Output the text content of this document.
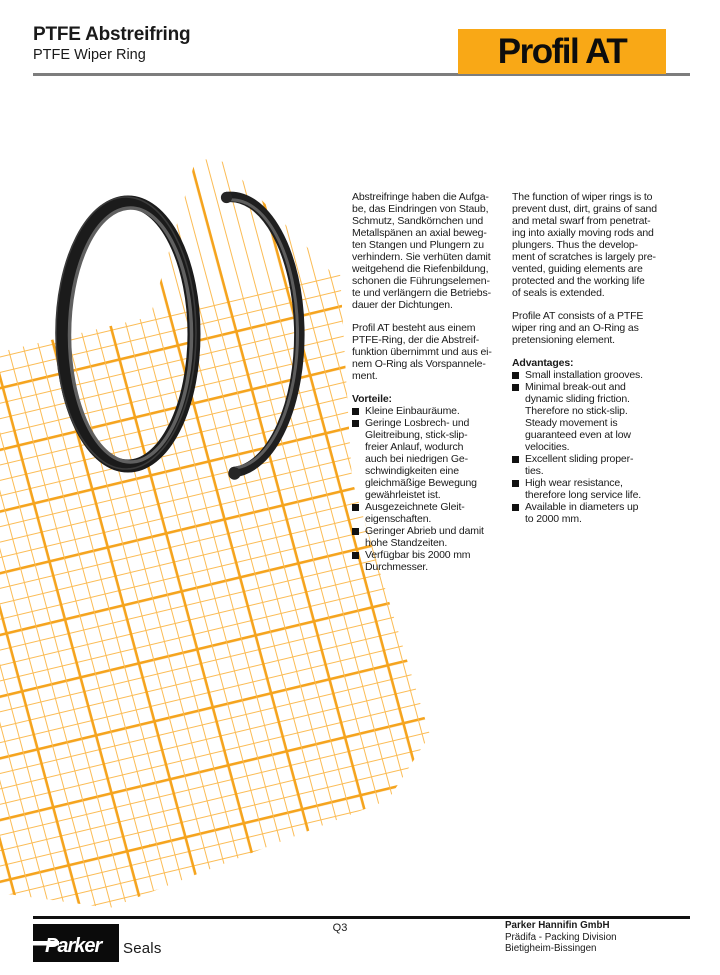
PTFE Abstreifring
PTFE Wiper Ring	Profil AT
Abstreifringe haben die Aufga-
be, das Eindringen von Staub,
Schmutz, Sandkörnchen und
Metallspänen an axial beweg-
ten Stangen und Plungern zu
verhindern. Sie verhüten damit
weitgehend die Riefenbildung,
schonen die Führungselemen-
te und verlängern die Betriebs-
dauer der Dichtungen.
Profil AT besteht aus einem
PTFE-Ring, der die Abstreif-
funktion übernimmt und aus ei-
nem O-Ring als Vorspannele-
ment.
Vorteile:
Kleine Einbauräume.
Geringe Losbrech- und
Gleitreibung, stick-slip-
freier Anlauf, wodurch
auch bei niedrigen Ge-
schwindigkeiten eine
gleichmäßige Bewegung
gewährleistet ist.
Ausgezeichnete Gleit-
eigenschaften.
Geringer Abrieb und damit
hohe Standzeiten.
Verfügbar bis 2000 mm
Durchmesser.
The function of wiper rings is to
prevent dust, dirt, grains of sand
and metal swarf from penetrat-
ing into axially moving rods and
plungers. Thus the develop-
ment of scratches is largely pre-
vented, guiding elements are
protected and the working life
of seals is extended.
Profile AT consists of a PTFE
wiper ring and an O-Ring as
pretensioning element.
Advantages:
Small installation grooves.
Minimal break-out and
dynamic sliding friction.
Therefore no stick-slip.
Steady movement is
guaranteed even at low
velocities.
Excellent sliding proper-
ties.
High wear resistance,
therefore long service life.
Available in diameters up
to 2000 mm.
Parker Seals
Q3	Parker Hannifin GmbH
Prädifa - Packing Division
Bietigheim-Bissingen
